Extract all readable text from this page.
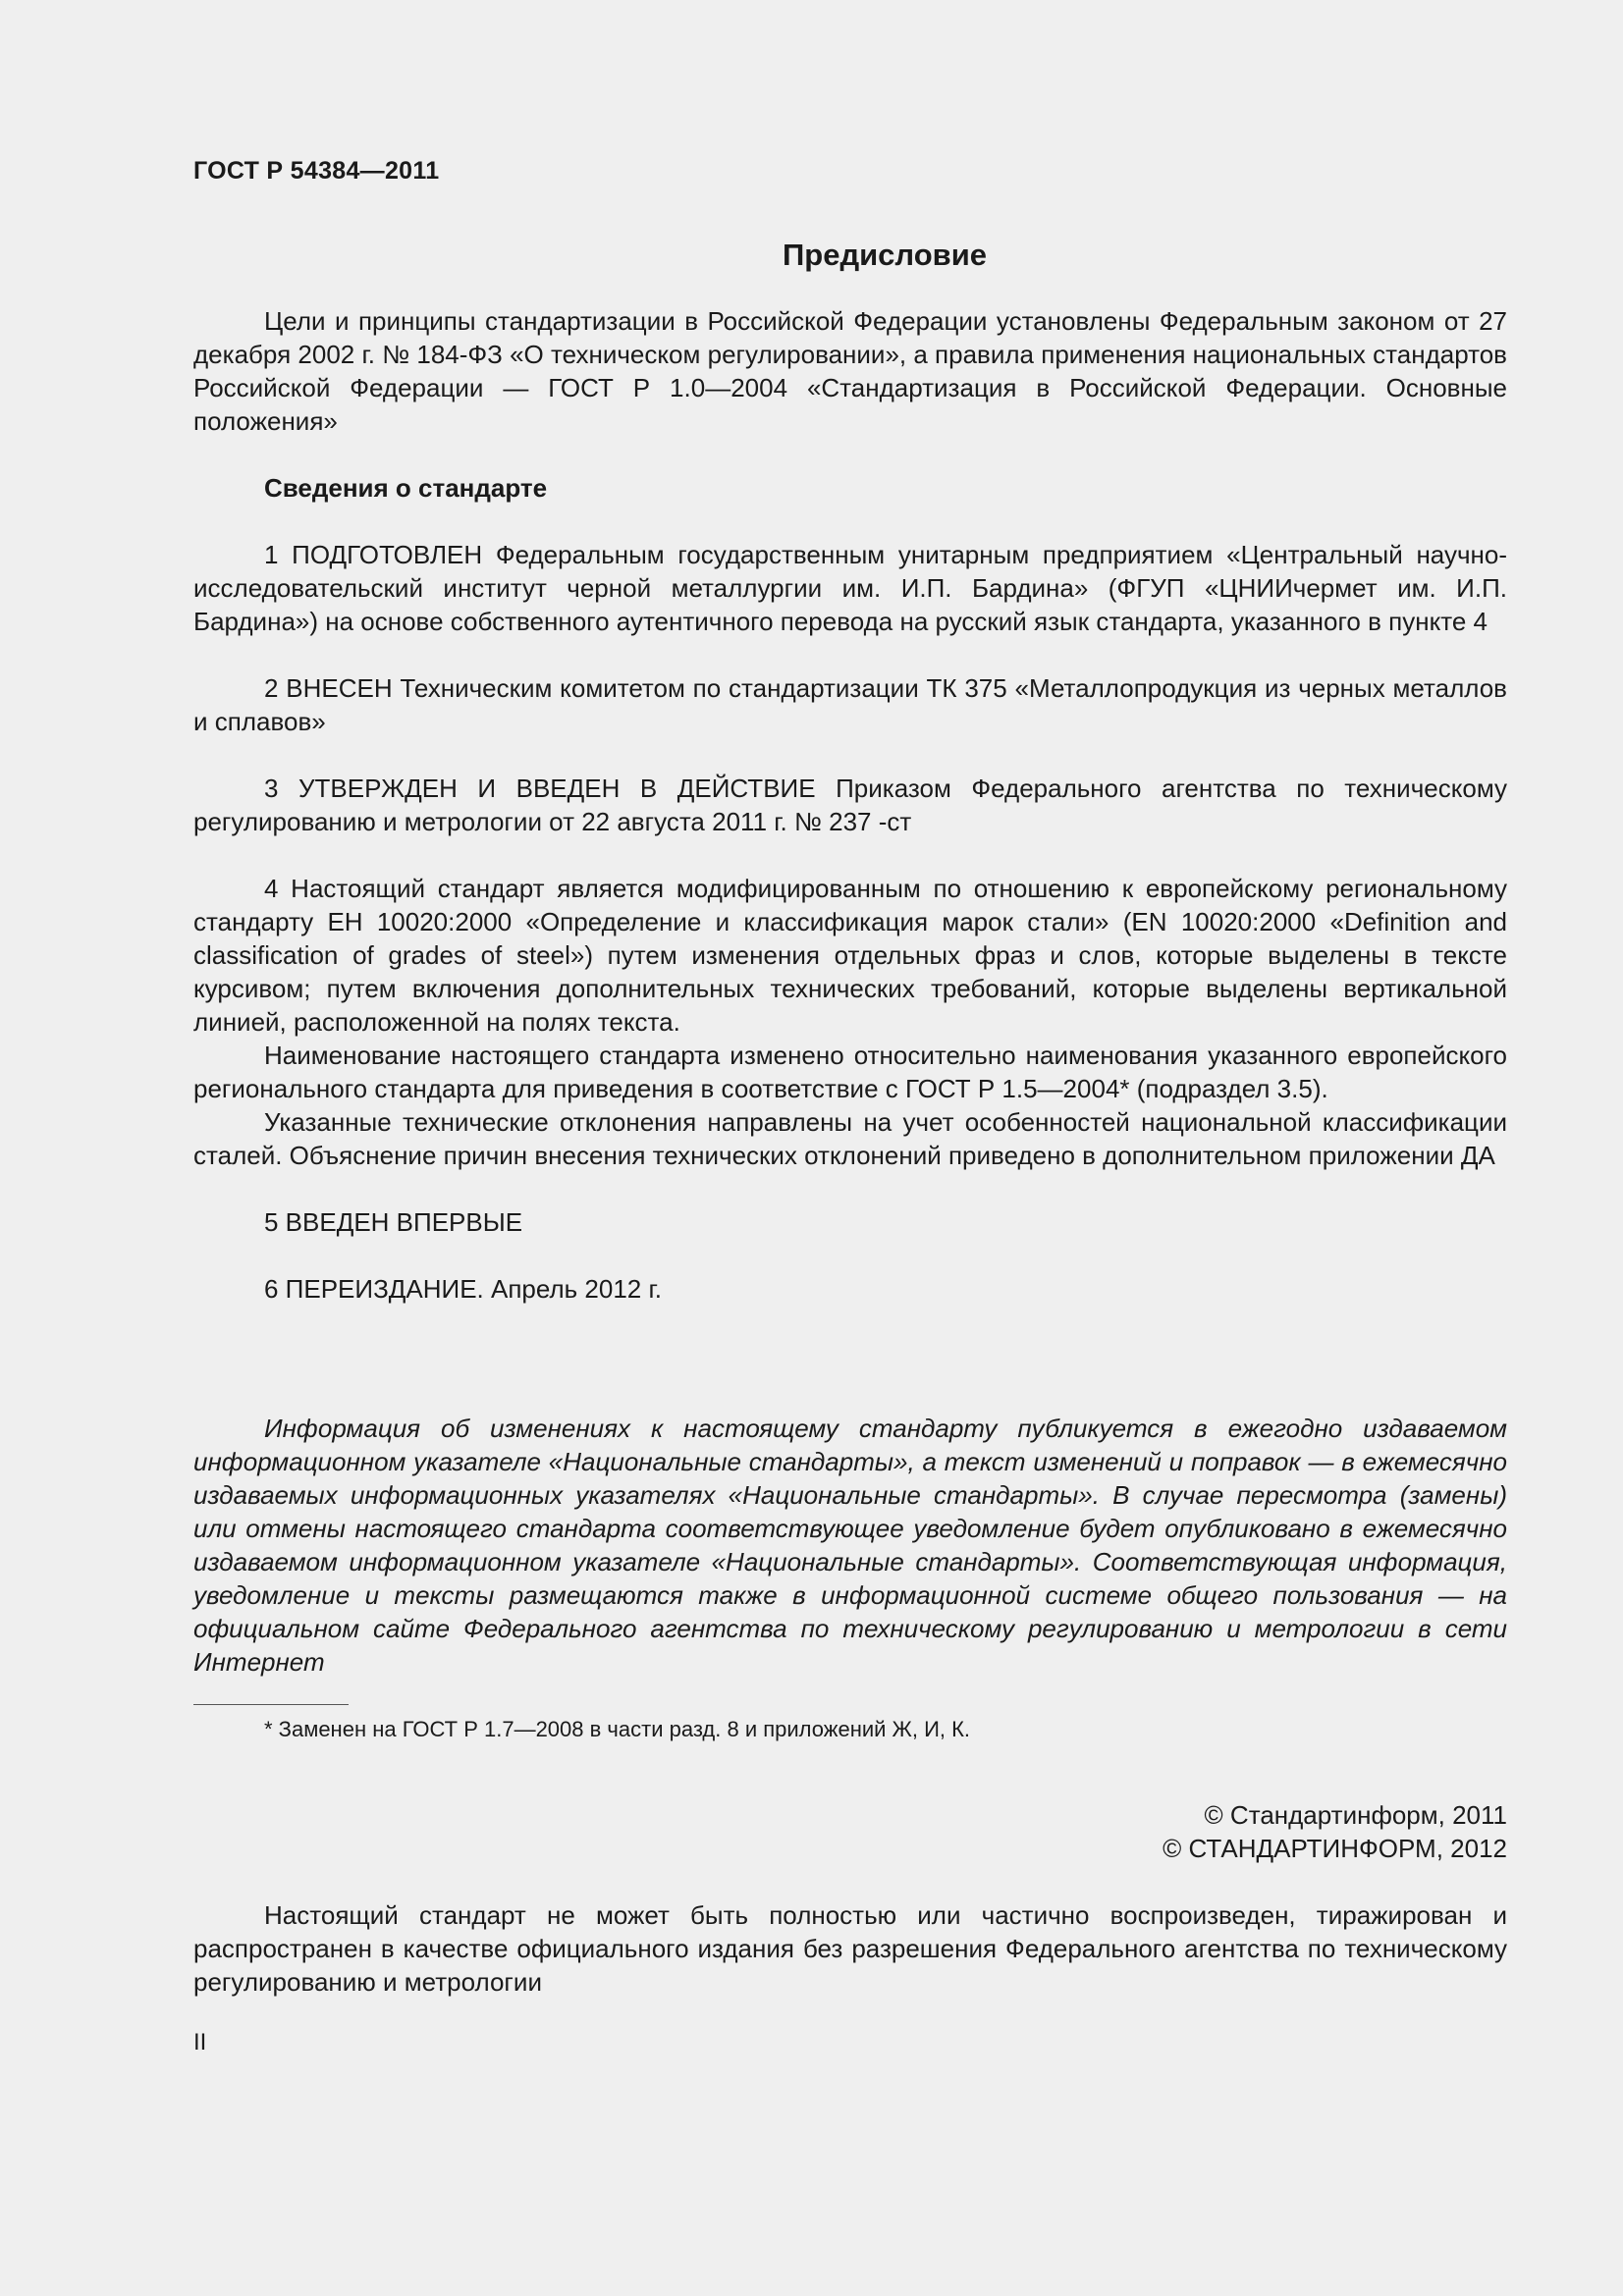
ГОСТ Р 54384—2011
Предисловие

Цели и принципы стандартизации в Российской Федерации установлены Федеральным законом от 27 декабря 2002 г. № 184-ФЗ «О техническом регулировании», а правила применения национальных стандартов Российской Федерации — ГОСТ Р 1.0—2004 «Стандартизация в Российской Федерации. Основные положения»

Сведения о стандарте

1 ПОДГОТОВЛЕН Федеральным государственным унитарным предприятием «Центральный научно-исследовательский институт черной металлургии им. И.П. Бардина» (ФГУП «ЦНИИчермет им. И.П. Бардина») на основе собственного аутентичного перевода на русский язык стандарта, указанного в пункте 4

2 ВНЕСЕН Техническим комитетом по стандартизации ТК 375 «Металлопродукция из черных металлов и сплавов»

3 УТВЕРЖДЕН И ВВЕДЕН В ДЕЙСТВИЕ Приказом Федерального агентства по техническому регулированию и метрологии от 22 августа 2011 г. № 237 -ст

4 Настоящий стандарт является модифицированным по отношению к европейскому региональному стандарту ЕН 10020:2000 «Определение и классификация марок стали» (EN 10020:2000 «Definition and classification of grades of steel») путем изменения отдельных фраз и слов, которые выделены в тексте курсивом; путем включения дополнительных технических требований, которые выделены вертикальной линией, расположенной на полях текста.

Наименование настоящего стандарта изменено относительно наименования указанного европейского регионального стандарта для приведения в соответствие с ГОСТ Р 1.5—2004* (подраздел 3.5).

Указанные технические отклонения направлены на учет особенностей национальной классификации сталей. Объяснение причин внесения технических отклонений приведено в дополнительном приложении ДА

5 ВВЕДЕН ВПЕРВЫЕ

6 ПЕРЕИЗДАНИЕ. Апрель 2012 г.

Информация об изменениях к настоящему стандарту публикуется в ежегодно издаваемом информационном указателе «Национальные стандарты», а текст изменений и поправок — в ежемесячно издаваемых информационных указателях «Национальные стандарты». В случае пересмотра (замены) или отмены настоящего стандарта соответствующее уведомление будет опубликовано в ежемесячно издаваемом информационном указателе «Национальные стандарты». Соответствующая информация, уведомление и тексты размещаются также в информационной системе общего пользования — на официальном сайте Федерального агентства по техническому регулированию и метрологии в сети Интернет

* Заменен на ГОСТ Р 1.7—2008 в части разд. 8 и приложений Ж, И, К.

© Стандартинформ, 2011
© СТАНДАРТИНФОРМ, 2012

Настоящий стандарт не может быть полностью или частично воспроизведен, тиражирован и распространен в качестве официального издания без разрешения Федерального агентства по техническому регулированию и метрологии

II
